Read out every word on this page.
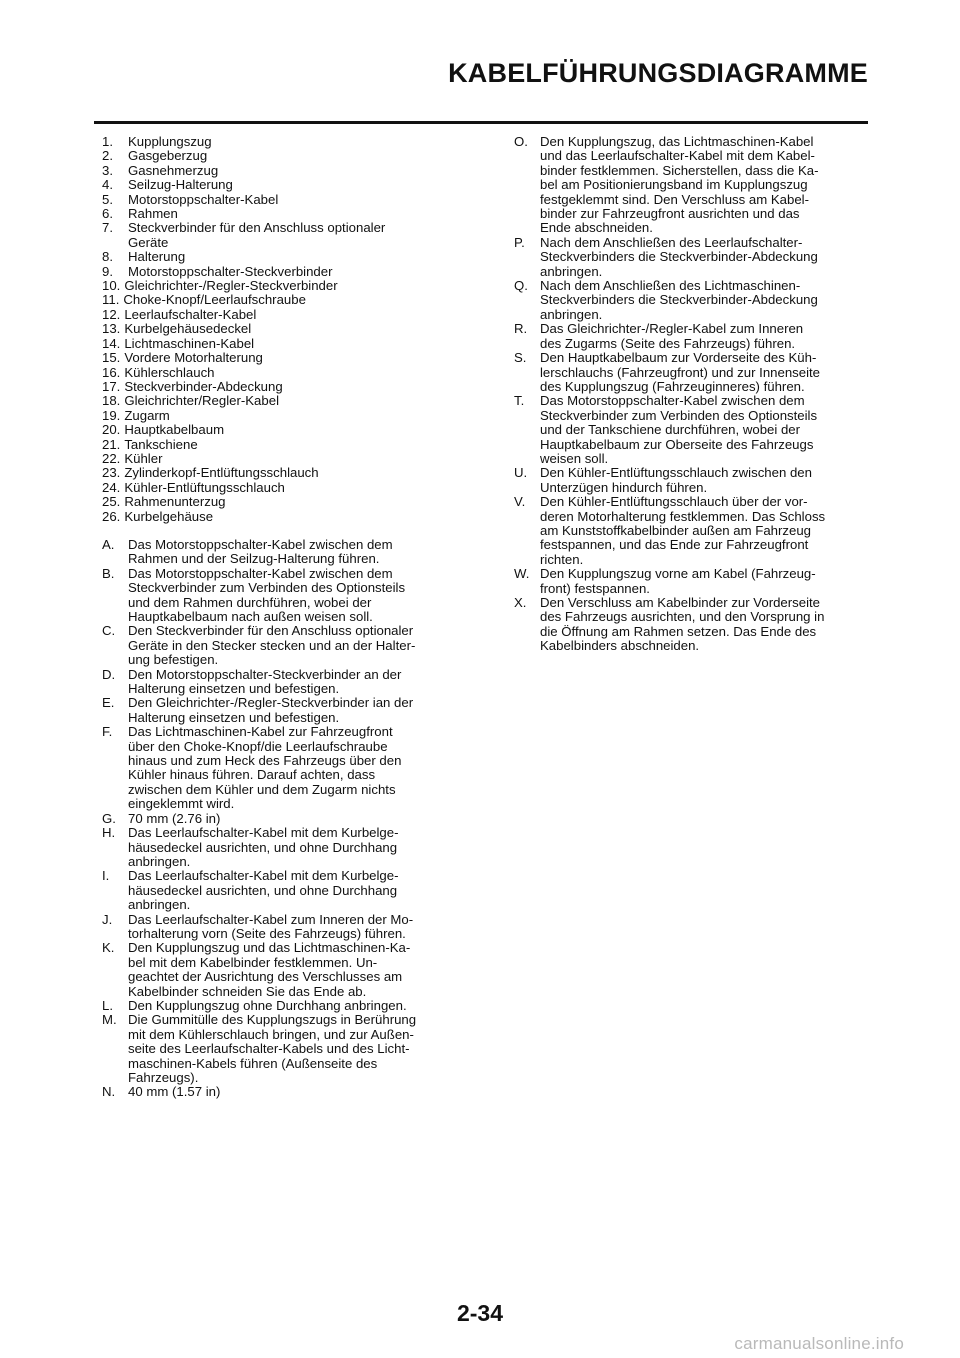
KABELFÜHRUNGSDIAGRAMME
1.	Kupplungszug
2.	Gasgeberzug
3.	Gasnehmerzug
4.	Seilzug-Halterung
5.	Motorstoppschalter-Kabel
6.	Rahmen
7.	Steckverbinder für den Anschluss optionaler
Geräte
8.	Halterung
9.	Motorstoppschalter-Steckverbinder
10. Gleichrichter-/Regler-Steckverbinder
11. Choke-Knopf/Leerlaufschraube
12. Leerlaufschalter-Kabel
13. Kurbelgehäusedeckel
14. Lichtmaschinen-Kabel
15. Vordere Motorhalterung
16. Kühlerschlauch
17. Steckverbinder-Abdeckung
18. Gleichrichter/Regler-Kabel
19. Zugarm
20. Hauptkabelbaum
21. Tankschiene
22. Kühler
23. Zylinderkopf-Entlüftungsschlauch
24. Kühler-Entlüftungsschlauch
25. Rahmenunterzug
26. Kurbelgehäuse
A.	Das Motorstoppschalter-Kabel zwischen dem
Rahmen und der Seilzug-Halterung führen.
B.	Das Motorstoppschalter-Kabel zwischen dem
Steckverbinder zum Verbinden des Optionsteils
und dem Rahmen durchführen, wobei der
Hauptkabelbaum nach außen weisen soll.
C. Den Steckverbinder für den Anschluss optionaler
Geräte in den Stecker stecken und an der Halter-
ung befestigen.
D. Den Motorstoppschalter-Steckverbinder an der
Halterung einsetzen und befestigen.
E.	Den Gleichrichter-/Regler-Steckverbinder ian der
Halterung einsetzen und befestigen.
F.	Das Lichtmaschinen-Kabel zur Fahrzeugfront
über den Choke-Knopf/die Leerlaufschraube
hinaus und zum Heck des Fahrzeugs über den
Kühler hinaus führen. Darauf achten, dass
zwischen dem Kühler und dem Zugarm nichts
eingeklemmt wird.
G. 70 mm (2.76 in)
H. Das Leerlaufschalter-Kabel mit dem Kurbelge-
häusedeckel ausrichten, und ohne Durchhang
anbringen.
I.	Das Leerlaufschalter-Kabel mit dem Kurbelge-
häusedeckel ausrichten, und ohne Durchhang
anbringen.
J.	Das Leerlaufschalter-Kabel zum Inneren der Mo-
torhalterung vorn (Seite des Fahrzeugs) führen.
K.	Den Kupplungszug und das Lichtmaschinen-Ka-
bel mit dem Kabelbinder festklemmen. Un-
geachtet der Ausrichtung des Verschlusses am
Kabelbinder schneiden Sie das Ende ab.
L.	Den Kupplungszug ohne Durchhang anbringen.
M. Die Gummitülle des Kupplungszugs in Berührung
mit dem Kühlerschlauch bringen, und zur Außen-
seite des Leerlaufschalter-Kabels und des Licht-
maschinen-Kabels führen (Außenseite des
Fahrzeugs).
N. 40 mm (1.57 in)
O. Den Kupplungszug, das Lichtmaschinen-Kabel
und das Leerlaufschalter-Kabel mit dem Kabel-
binder festklemmen. Sicherstellen, dass die Ka-
bel am Positionierungsband im Kupplungszug
festgeklemmt sind. Den Verschluss am Kabel-
binder zur Fahrzeugfront ausrichten und das
Ende abschneiden.
P.	Nach dem Anschließen des Leerlaufschalter-
Steckverbinders die Steckverbinder-Abdeckung
anbringen.
Q. Nach dem Anschließen des Lichtmaschinen-
Steckverbinders die Steckverbinder-Abdeckung
anbringen.
R. Das Gleichrichter-/Regler-Kabel zum Inneren
des Zugarms (Seite des Fahrzeugs) führen.
S.	Den Hauptkabelbaum zur Vorderseite des Küh-
lerschlauchs (Fahrzeugfront) und zur Innenseite
des Kupplungszug (Fahrzeuginneres) führen.
T.	Das Motorstoppschalter-Kabel zwischen dem
Steckverbinder zum Verbinden des Optionsteils
und der Tankschiene durchführen, wobei der
Hauptkabelbaum zur Oberseite des Fahrzeugs
weisen soll.
U. Den Kühler-Entlüftungsschlauch zwischen den
Unterzügen hindurch führen.
V.	Den Kühler-Entlüftungsschlauch über der vor-
deren Motorhalterung festklemmen. Das Schloss
am Kunststoffkabelbinder außen am Fahrzeug
festspannen, und das Ende zur Fahrzeugfront
richten.
W. Den Kupplungszug vorne am Kabel (Fahrzeug-
front) festspannen.
X.	Den Verschluss am Kabelbinder zur Vorderseite
des Fahrzeugs ausrichten, und den Vorsprung in
die Öffnung am Rahmen setzen. Das Ende des
Kabelbinders abschneiden.
2-34
carmanualsonline.info
